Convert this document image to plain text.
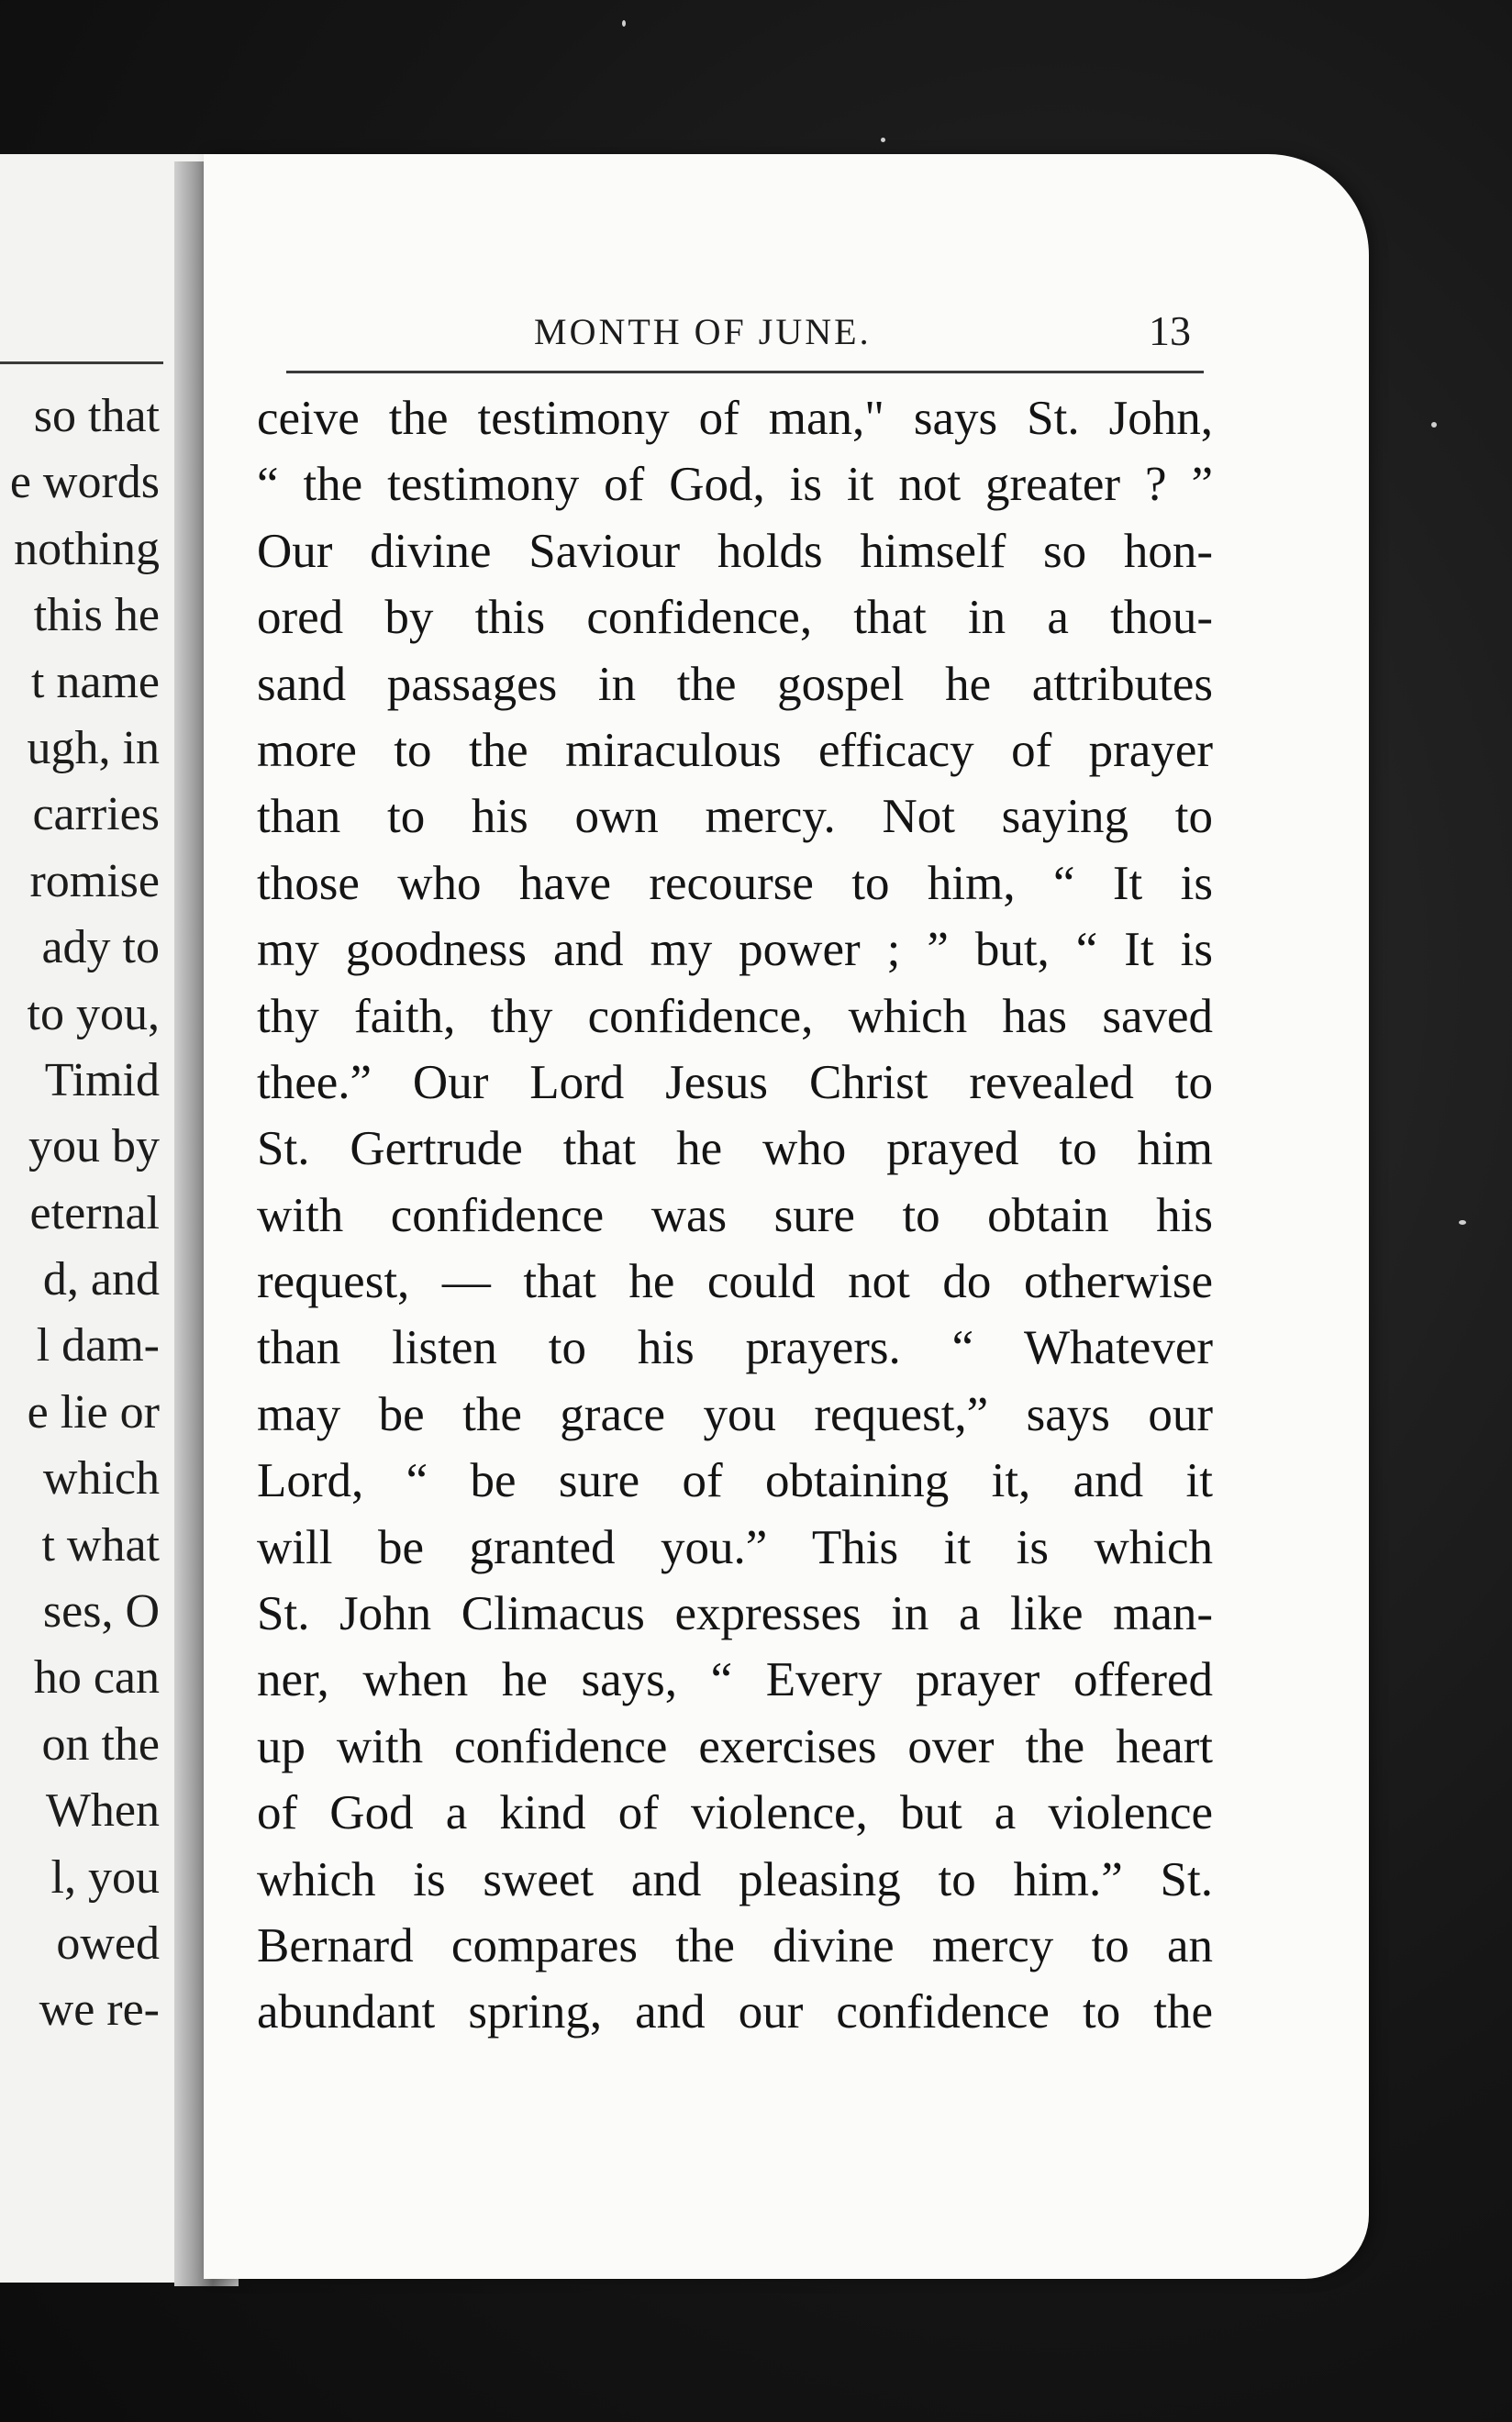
so that
e words
nothing
this he
t name
ugh, in
carries
romise
ady to
to you,
Timid
you by
eternal
d, and
l dam-
e lie or
which
t what
ses, O
ho can
on the
When
l, you
owed
we re-
MONTH OF JUNE.	13
ceive the testimony of man," says St. John,
“ the testimony of God, is it not greater ? ”
Our divine Saviour holds himself so hon-
ored by this confidence, that in a thou-
sand passages in the gospel he attributes
more to the miraculous efficacy of prayer
than to his own mercy. Not saying to
those who have recourse to him, “ It is
my goodness and my power ; ” but, “ It is
thy faith, thy confidence, which has saved
thee.” Our Lord Jesus Christ revealed to
St. Gertrude that he who prayed to him
with confidence was sure to obtain his
request, — that he could not do otherwise
than listen to his prayers. “ Whatever
may be the grace you request,” says our
Lord, “ be sure of obtaining it, and it
will be granted you.” This it is which
St. John Climacus expresses in a like man-
ner, when he says, “ Every prayer offered
up with confidence exercises over the heart
of God a kind of violence, but a violence
which is sweet and pleasing to him.” St.
Bernard compares the divine mercy to an
abundant spring, and our confidence to the
